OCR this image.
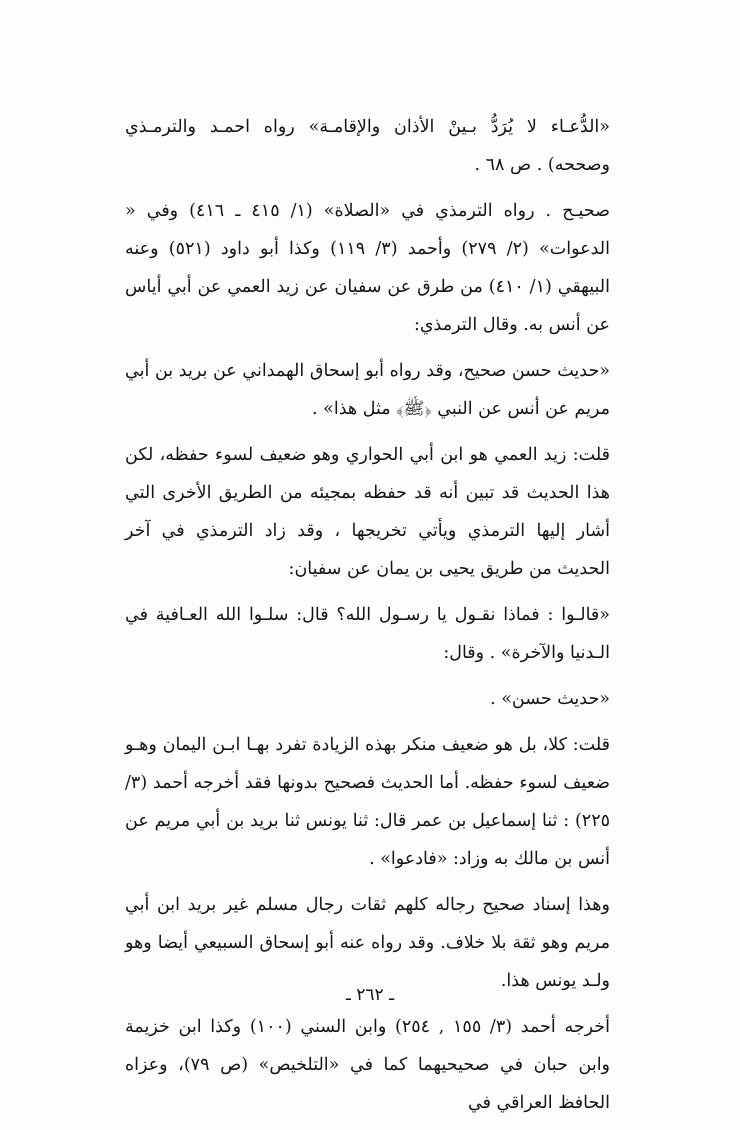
«الدُّعـاء لا يُرَدُّ بـينْ الأذان والإقامـة» رواه احمـد والترمـذي وصححه) . ص ٦٨ .

صحيـح . رواه الترمذي في «الصلاة» (١/ ٤١٥ ـ ٤١٦) وفي « الدعوات» (٢/ ٢٧٩) وأحمد (٣/ ١١٩) وكذا أبو داود (٥٢١) وعنه البيهقي (١/ ٤١٠) من طرق عن سفيان عن زيد العمي عن أبي أياس عن أنس به. وقال الترمذي:

«حديث حسن صحيح، وقد رواه أبو إسحاق الهمداني عن بريد بن أبي مريم عن أنس عن النبي ﴿ﷺ﴾ مثل هذا» .

قلت: زيد العمي هو ابن أبي الحواري وهو ضعيف لسوء حفظه، لكن هذا الحديث قد تبين أنه قد حفظه بمجيئه من الطريق الأخرى التي أشار إليها الترمذي ويأتي تخريجها ، وقد زاد الترمذي في آخر الحديث من طريق يحيى بن يمان عن سفيان:

«قالـوا : فماذا نقـول يا رسـول الله؟ قال: سلـوا الله العـافية في الـدنيا والآخرة» . وقال:

«حديث حسن» .

قلت: كلا، بل هو ضعيف منكر بهذه الزيادة تفرد بهـا ابـن اليمان وهـو ضعيف لسوء حفظه. أما الحديث فصحيح بدونها فقد أخرجه أحمد (٣/ ٢٢٥) : ثنا إسماعيل بن عمر قال: ثنا يونس ثنا بريد بن أبي مريم عن أنس بن مالك به وزاد: «فادعوا» .

وهذا إسناد صحيح رجاله كلهم ثقات رجال مسلم غير بريد ابن أبي مريم وهو ثقة بلا خلاف. وقد رواه عنه أبو إسحاق السبيعي أيضا وهو ولـد يونس هذا.

أخرجه أحمد (٣/ ١٥٥ , ٢٥٤) وابن السني (١٠٠) وكذا ابن خزيمة وابن حبان في صحيحيهما كما في «التلخيص» (ص ٧٩)، وعزاه الحافظ العراقي في

ـ ٢٦٢ ـ
